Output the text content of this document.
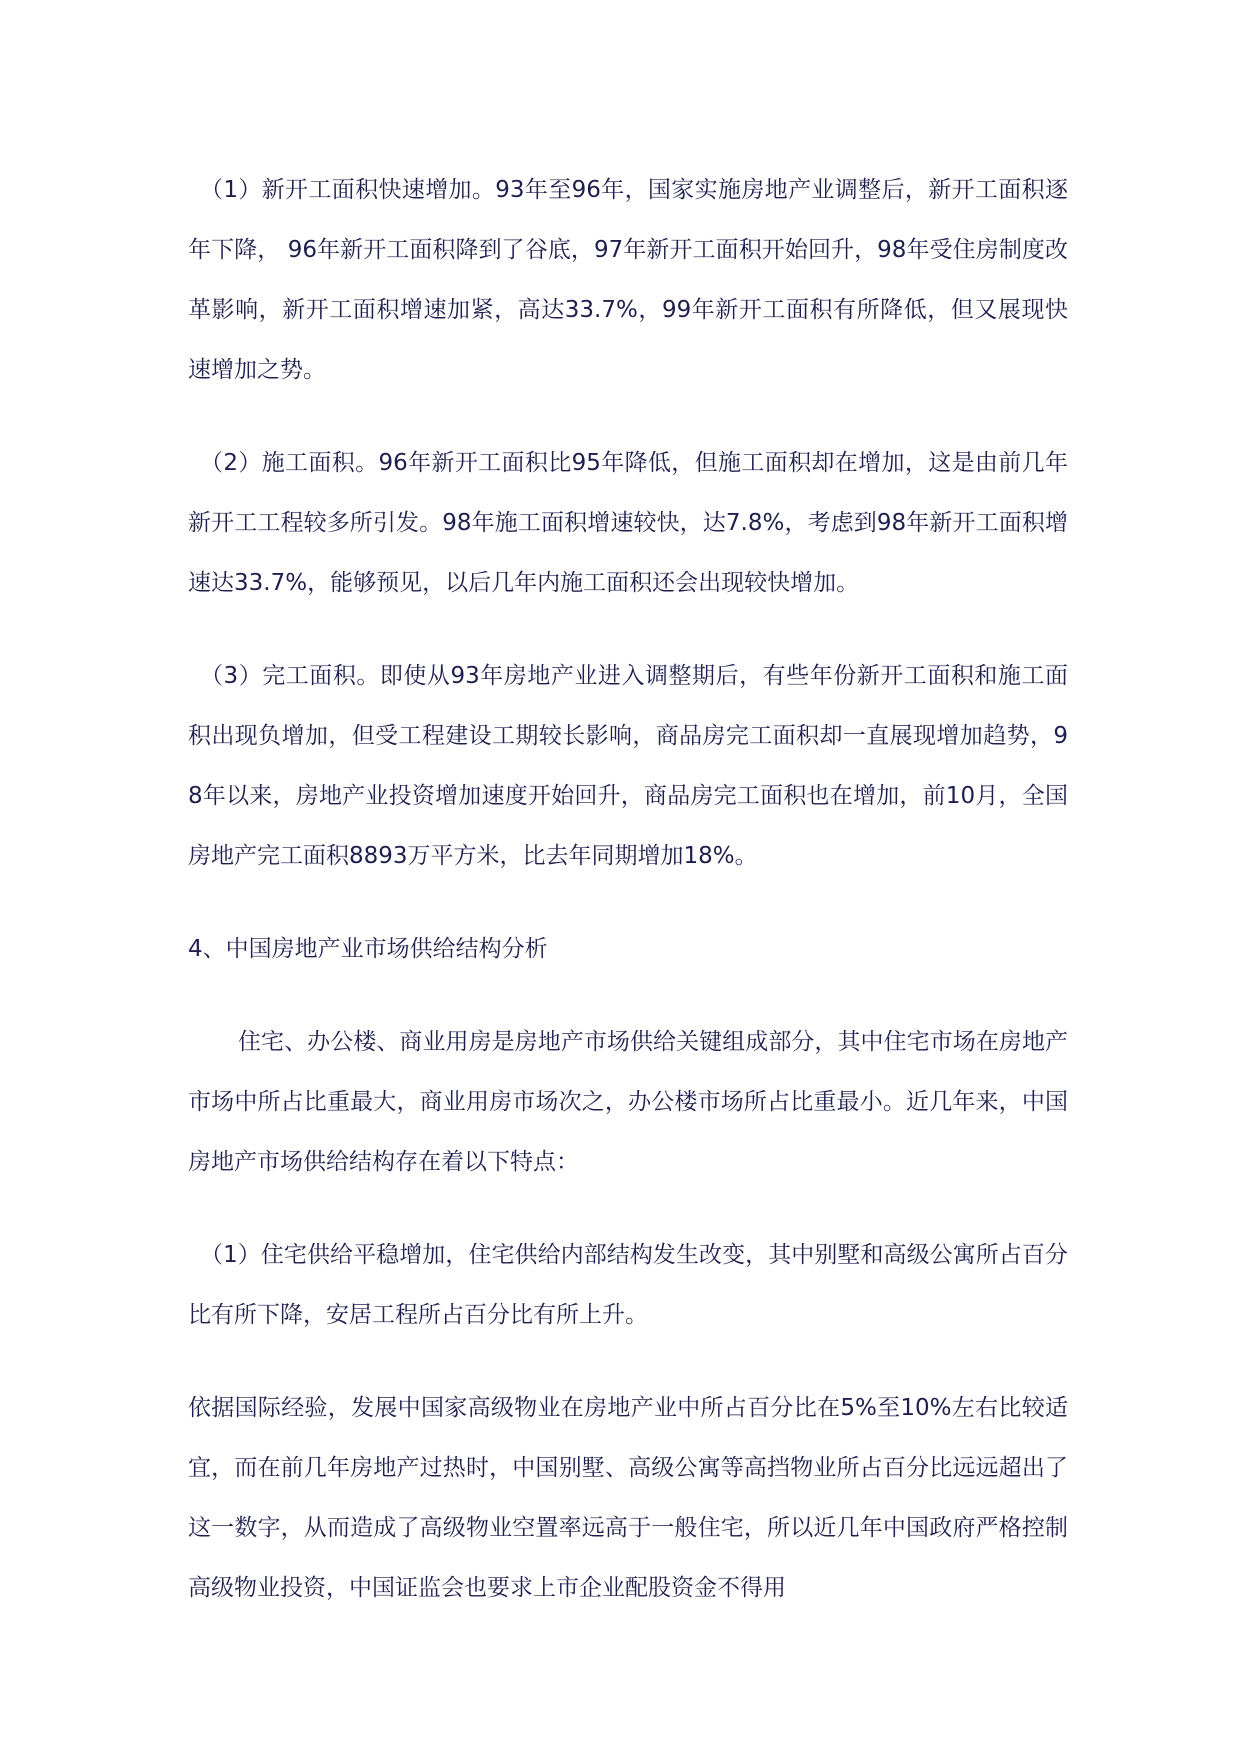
（1）新开工面积快速增加。93年至96年，国家实施房地产业调整后，新开工面积逐年下降， 96年新开工面积降到了谷底，97年新开工面积开始回升，98年受住房制度改革影响，新开工面积增速加紧，高达33.7%，99年新开工面积有所降低，但又展现快速增加之势。

（2）施工面积。96年新开工面积比95年降低，但施工面积却在增加，这是由前几年新开工工程较多所引发。98年施工面积增速较快，达7.8%，考虑到98年新开工面积增速达33.7%，能够预见，以后几年内施工面积还会出现较快增加。

（3）完工面积。即使从93年房地产业进入调整期后，有些年份新开工面积和施工面积出现负增加，但受工程建设工期较长影响，商品房完工面积却一直展现增加趋势，98年以来，房地产业投资增加速度开始回升，商品房完工面积也在增加，前10月，全国房地产完工面积8893万平方米，比去年同期增加18%。

4、中国房地产业市场供给结构分析

住宅、办公楼、商业用房是房地产市场供给关键组成部分，其中住宅市场在房地产市场中所占比重最大，商业用房市场次之，办公楼市场所占比重最小。近几年来，中国房地产市场供给结构存在着以下特点：

（1）住宅供给平稳增加，住宅供给内部结构发生改变，其中别墅和高级公寓所占百分比有所下降，安居工程所占百分比有所上升。

依据国际经验，发展中国家高级物业在房地产业中所占百分比在5%至10%左右比较适宜，而在前几年房地产过热时，中国别墅、高级公寓等高挡物业所占百分比远远超出了这一数字，从而造成了高级物业空置率远高于一般住宅，所以近几年中国政府严格控制高级物业投资，中国证监会也要求上市企业配股资金不得用
